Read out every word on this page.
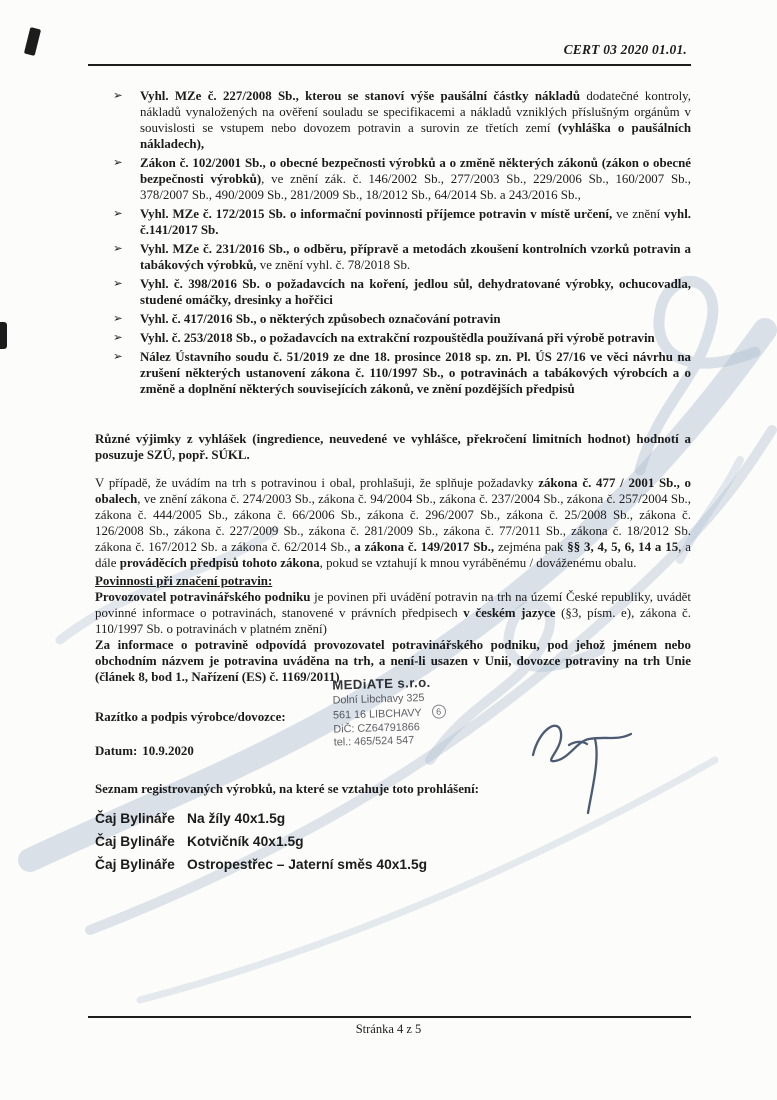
CERT 03 2020 01.01.
➢	Vyhl. MZe č. 227/2008 Sb., kterou se stanoví výše paušální částky nákladů dodatečné kontroly, nákladů vynaložených na ověření souladu se specifikacemi a nákladů vzniklých příslušným orgánům v souvislosti se vstupem nebo dovozem potravin a surovin ze třetích zemí (vyhláška o paušálních nákladech),
➢	Zákon č. 102/2001 Sb., o obecné bezpečnosti výrobků a o změně některých zákonů (zákon o obecné bezpečnosti výrobků), ve znění zák. č. 146/2002 Sb., 277/2003 Sb., 229/2006 Sb., 160/2007 Sb., 378/2007 Sb., 490/2009 Sb., 281/2009 Sb., 18/2012 Sb., 64/2014 Sb. a 243/2016 Sb.,
➢	Vyhl. MZe č. 172/2015 Sb. o informační povinnosti příjemce potravin v místě určení, ve znění vyhl. č.141/2017 Sb.
➢	Vyhl. MZe č. 231/2016 Sb., o odběru, přípravě a metodách zkoušení kontrolních vzorků potravin a tabákových výrobků, ve znění vyhl. č. 78/2018 Sb.
➢	Vyhl. č. 398/2016 Sb. o požadavcích na koření, jedlou sůl, dehydratované výrobky, ochucovadla, studené omáčky, dresinky a hořčici
➢	Vyhl. č. 417/2016 Sb., o některých způsobech označování potravin
➢	Vyhl. č. 253/2018 Sb., o požadavcích na extrakční rozpouštědla používaná při výrobě potravin
➢	Nález Ústavního soudu č. 51/2019 ze dne 18. prosince 2018 sp. zn. Pl. ÚS 27/16 ve věci návrhu na zrušení některých ustanovení zákona č. 110/1997 Sb., o potravinách a tabákových výrobcích a o změně a doplnění některých souvisejících zákonů, ve znění pozdějších předpisů

Různé výjimky z vyhlášek (ingredience, neuvedené ve vyhlášce, překročení limitních hodnot) hodnotí a posuzuje SZÚ, popř. SÚKL.

V případě, že uvádím na trh s potravinou i obal, prohlašuji, že splňuje požadavky zákona č. 477 / 2001 Sb., o obalech, ve znění zákona č. 274/2003 Sb., zákona č. 94/2004 Sb., zákona č. 237/2004 Sb., zákona č. 257/2004 Sb., zákona č. 444/2005 Sb., zákona č. 66/2006 Sb., zákona č. 296/2007 Sb., zákona č. 25/2008 Sb., zákona č. 126/2008 Sb., zákona č. 227/2009 Sb., zákona č. 281/2009 Sb., zákona č. 77/2011 Sb., zákona č. 18/2012 Sb. zákona č. 167/2012 Sb. a zákona č. 62/2014 Sb., a zákona č. 149/2017 Sb., zejména pak §§ 3, 4, 5, 6, 14 a 15, a dále prováděcích předpisů tohoto zákona, pokud se vztahují k mnou vyráběnému / dováženému obalu.

Povinnosti při značení potravin:

Provozovatel potravinářského podniku je povinen při uvádění potravin na trh na území České republiky, uvádět povinné informace o potravinách, stanovené v právních předpisech v českém jazyce (§3, písm. e), zákona č. 110/1997 Sb. o potravinách v platném znění)

Za informace o potravině odpovídá provozovatel potravinářského podniku, pod jehož jménem nebo obchodním názvem je potravina uváděna na trh, a není-li usazen v Unii, dovozce potraviny na trh Unie (článek 8, bod 1., Nařízení (ES) č. 1169/2011)

Razítko a podpis výrobce/dovozce:
Datum: 10.9.2020
MEDiATE s.r.o.
Dolní Libchavy 325
561 16 LIBCHAVY 6
DiČ: CZ64791866
tel.: 465/524 547
Seznam registrovaných výrobků, na které se vztahuje toto prohlášení:
Čaj Bylináře Na žíly 40x1.5g
Čaj Bylináře Kotvičník 40x1.5g
Čaj Bylináře Ostropestřec – Jaterní směs 40x1.5g
Stránka 4 z 5
